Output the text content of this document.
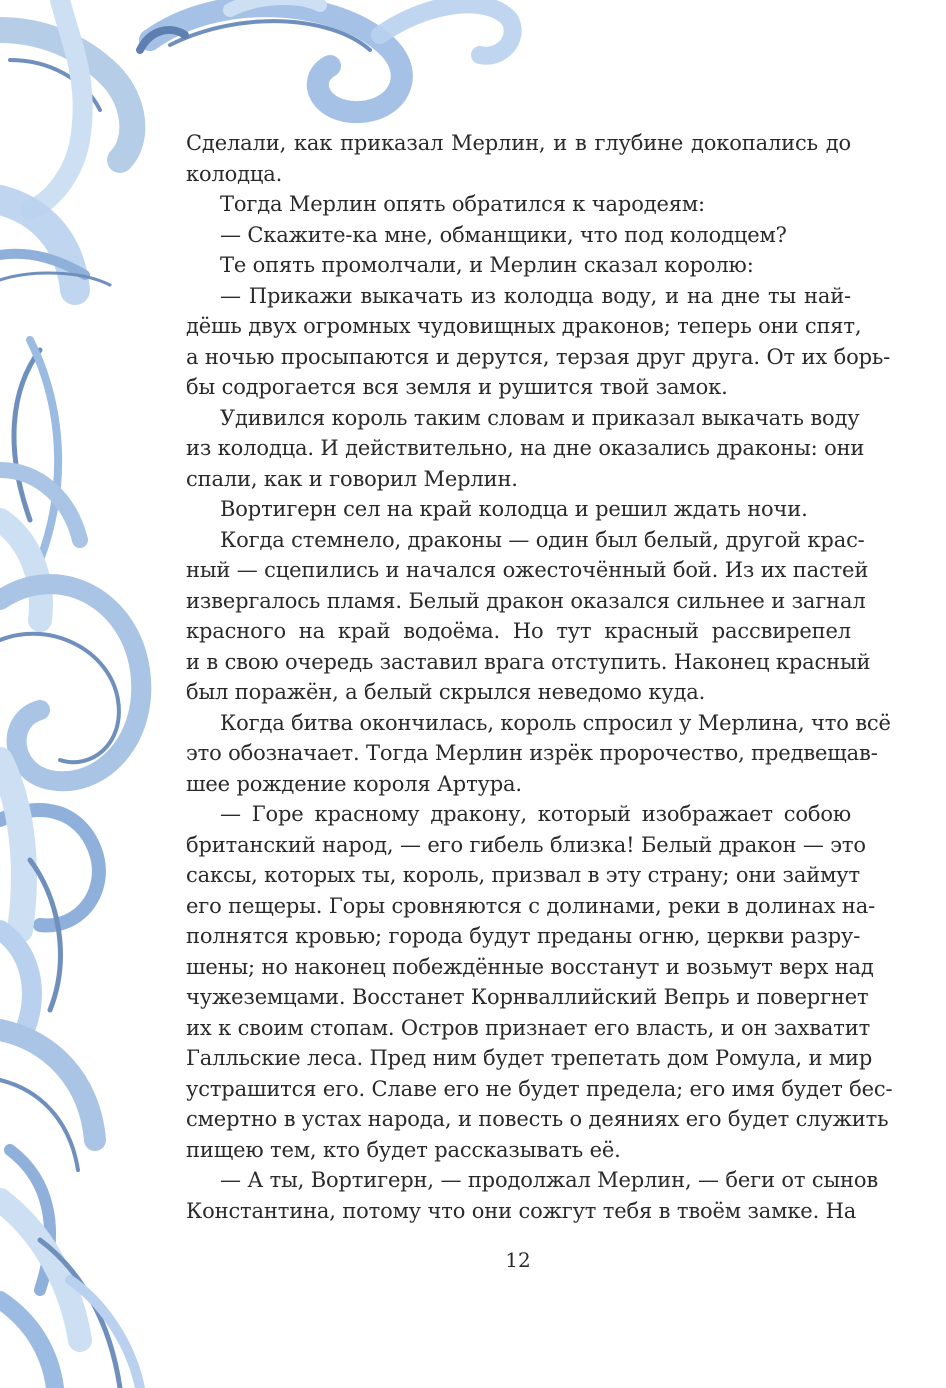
Сделали, как приказал Мерлин, и в глубине докопались до
колодца.
Тогда Мерлин опять обратился к чародеям:
— Скажите-ка мне, обманщики, что под колодцем?
Те опять промолчали, и Мерлин сказал королю:
— Прикажи выкачать из колодца воду, и на дне ты най-
дёшь двух огромных чудовищных драконов; теперь они спят,
а ночью просыпаются и дерутся, терзая друг друга. От их борь-
бы содрогается вся земля и рушится твой замок.
Удивился король таким словам и приказал выкачать воду
из колодца. И действительно, на дне оказались драконы: они
спали, как и говорил Мерлин.
Вортигерн сел на край колодца и решил ждать ночи.
Когда стемнело, драконы — один был белый, другой крас-
ный — сцепились и начался ожесточённый бой. Из их пастей
извергалось пламя. Белый дракон оказался сильнее и загнал
красного на край водоёма. Но тут красный рассвирепел
и в свою очередь заставил врага отступить. Наконец красный
был поражён, а белый скрылся неведомо куда.
Когда битва окончилась, король спросил у Мерлина, что всё
это обозначает. Тогда Мерлин изрёк пророчество, предвещав-
шее рождение короля Артура.
— Горе красному дракону, который изображает собою
британский народ, — его гибель близка! Белый дракон — это
саксы, которых ты, король, призвал в эту страну; они займут
его пещеры. Горы сровняются с долинами, реки в долинах на-
полнятся кровью; города будут преданы огню, церкви разру-
шены; но наконец побеждённые восстанут и возьмут верх над
чужеземцами. Восстанет Корнваллийский Вепрь и повергнет
их к своим стопам. Остров признает его власть, и он захватит
Галльские леса. Пред ним будет трепетать дом Ромула, и мир
устрашится его. Славе его не будет предела; его имя будет бес-
смертно в устах народа, и повесть о деяниях его будет служить
пищею тем, кто будет рассказывать её.
— А ты, Вортигерн, — продолжал Мерлин, — беги от сынов
Константина, потому что они сожгут тебя в твоём замке. На
12
